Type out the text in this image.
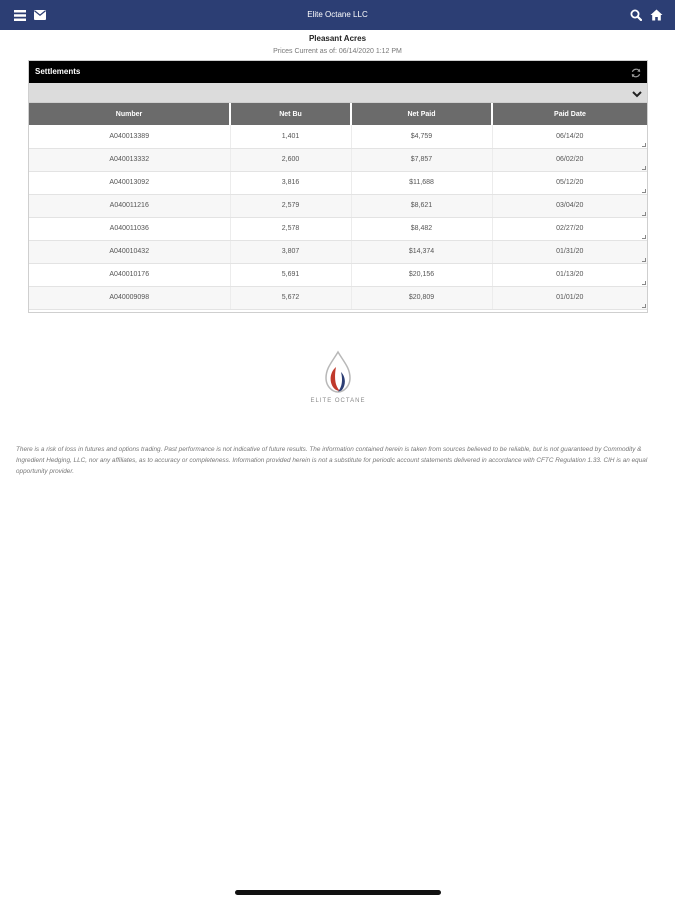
Elite Octane LLC
Pleasant Acres
Prices Current as of: 06/14/2020 1:12 PM
Settlements
Number	Net Bu	Net Paid	Paid Date
A040013389	1,401	$4,759	06/14/20

A040013332	2,600	$7,857	06/02/20

A040013092	3,816	$11,688	05/12/20

A040011216	2,579	$8,621	03/04/20

A040011036	2,578	$8,482	02/27/20

A040010432	3,807	$14,374	01/31/20

A040010176	5,691	$20,156	01/13/20

A040009098	5,672	$20,809	01/01/20
ELITE OCTANE
There is a risk of loss in futures and options trading. Past performance is not indicative of future results. The information contained herein is taken from sources believed to be reliable, but is not guaranteed by Commodity & Ingredient Hedging, LLC, nor any affiliates, as to accuracy or completeness. Information provided herein is not a substitute for periodic account statements delivered in accordance with CFTC Regulation 1.33. CIH is an equal opportunity provider.
